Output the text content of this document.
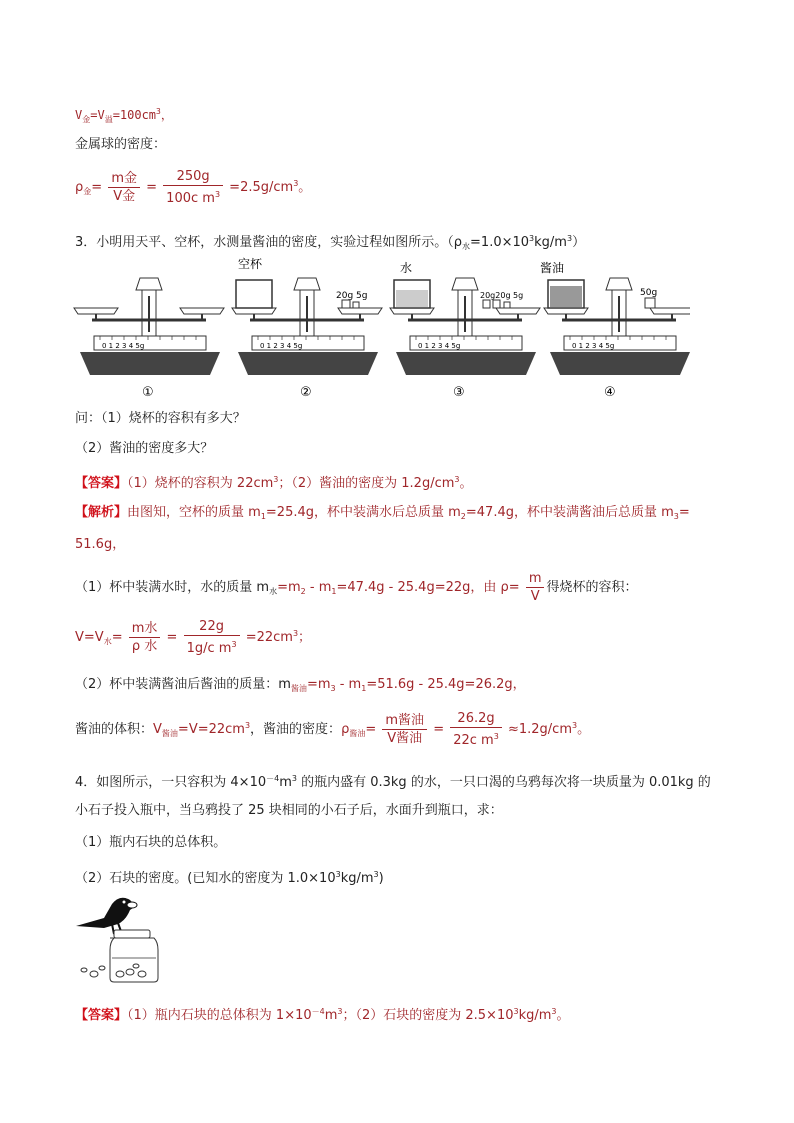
$V_金=V_溢=100cm^3$，
金属球的密度：
$\rho_金= \frac{\text{m金}}{\text{V金}} = \frac{250g}{100c m^3} =2.5g/cm^3$。
3．小明用天平、空杯，水测量酱油的密度，实验过程如图所示。$(\rho_水=1.0\times 10^3kg/m^3)$
空杯	水	酱油
20g 5g	20g20g 5g	50g
0 1 2 3 4 5g	0 1 2 3 4 5g	0 1 2 3 4 5g	0 1 2 3 4 5g
①	②	③	④
问：（1）烧杯的容积有多大？
（2）酱油的密度多大？
【答案】（1）烧杯的容积为 $22cm^3$；（2）酱油的密度为 $1.2g/cm^3$。
【解析】由图知，空杯的质量 $m_1=25.4g$，杯中装满水后总质量 $m_2=47.4g$，杯中装满酱油后总质量 $m_3=$
51.6g，
（1）杯中装满水时，水的质量 $m_水=m_2 - m_1=47.4g - 25.4g=22g$，由 $\rho= \frac{m}{V}$ 得烧杯的容积：
$V=V_水= \frac{\text{m水}}{\text{ρ 水}} = \frac{22g}{1g/c m^3} =22cm^3$；
（2）杯中装满酱油后酱油的质量：$m_{酱油}=m_3 - m_1=51.6g - 25.4g=26.2g$，
酱油的体积：$V_{酱油}=V=22cm^3$，酱油的密度：$\rho_{酱油}= \frac{\text{m酱油}}{\text{V酱油}} = \frac{26.2g}{22c m^3} \approx 1.2g/cm^3$。
4．如图所示，一只容积为 $4\times 10^{-4}m^3$ 的瓶内盛有 0.3kg 的水，一只口渴的乌鸦每次将一块质量为 0.01kg 的
小石子投入瓶中，当乌鸦投了 25 块相同的小石子后，水面升到瓶口，求：
（1）瓶内石块的总体积。
（2）石块的密度。(已知水的密度为 $1.0\times 10^3kg/m^3$)
【答案】（1）瓶内石块的总体积为 $1\times 10^{-4}m^3$；（2）石块的密度为 $2.5\times 10^3kg/m^3$。
